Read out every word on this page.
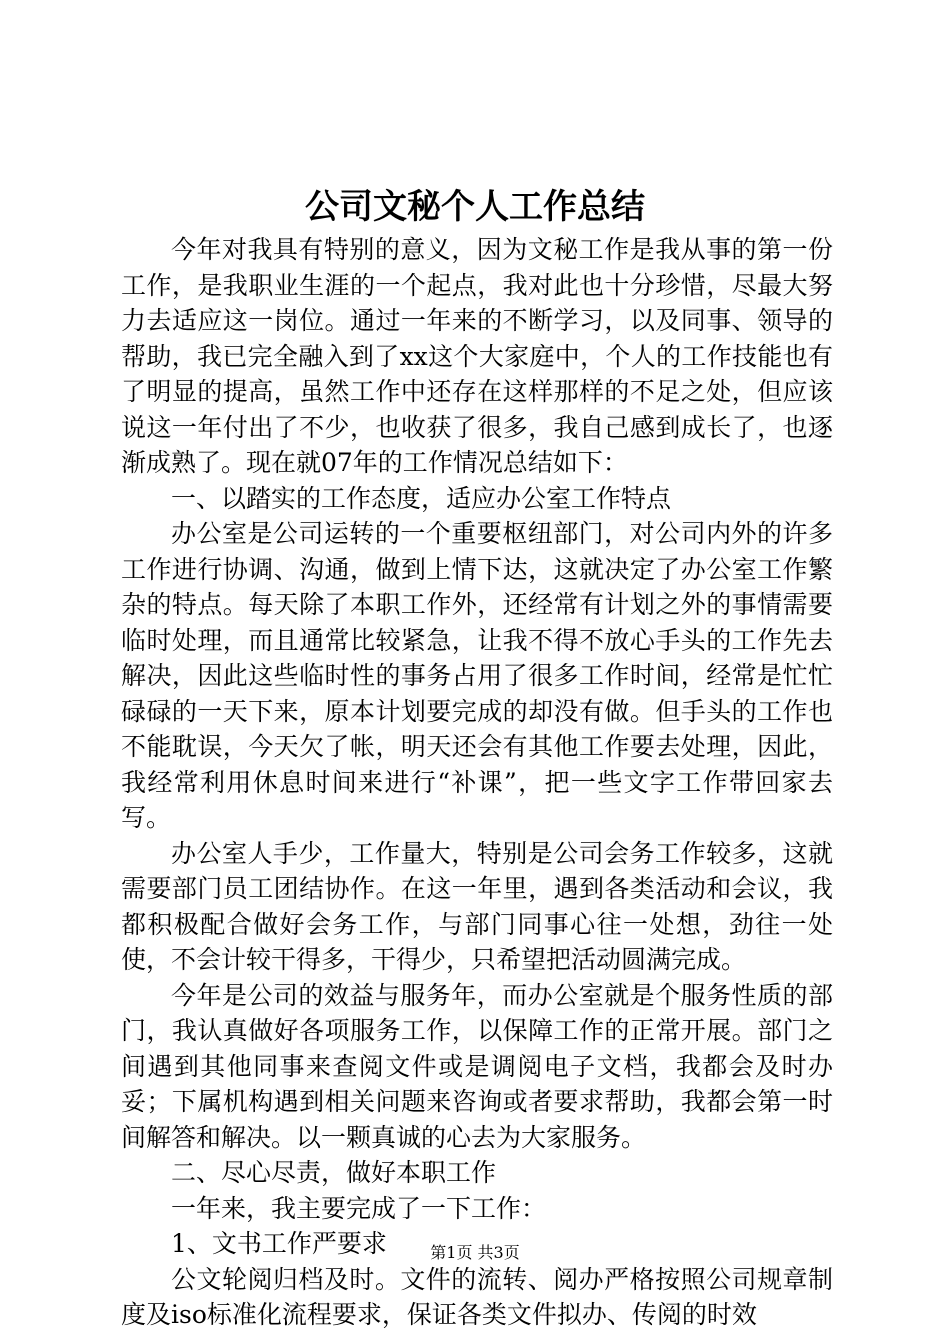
公司文秘个人工作总结

今年对我具有特别的意义，因为文秘工作是我从事的第一份工作，是我职业生涯的一个起点，我对此也十分珍惜，尽最大努力去适应这一岗位。通过一年来的不断学习，以及同事、领导的帮助，我已完全融入到了xx这个大家庭中，个人的工作技能也有了明显的提高，虽然工作中还存在这样那样的不足之处，但应该说这一年付出了不少，也收获了很多，我自己感到成长了，也逐渐成熟了。现在就07年的工作情况总结如下：

一、以踏实的工作态度，适应办公室工作特点

办公室是公司运转的一个重要枢纽部门，对公司内外的许多工作进行协调、沟通，做到上情下达，这就决定了办公室工作繁杂的特点。每天除了本职工作外，还经常有计划之外的事情需要临时处理，而且通常比较紧急，让我不得不放心手头的工作先去解决，因此这些临时性的事务占用了很多工作时间，经常是忙忙碌碌的一天下来，原本计划要完成的却没有做。但手头的工作也不能耽误，今天欠了帐，明天还会有其他工作要去处理，因此，我经常利用休息时间来进行“补课”，把一些文字工作带回家去写。

办公室人手少，工作量大，特别是公司会务工作较多，这就需要部门员工团结协作。在这一年里，遇到各类活动和会议，我都积极配合做好会务工作，与部门同事心往一处想，劲往一处使，不会计较干得多，干得少，只希望把活动圆满完成。

今年是公司的效益与服务年，而办公室就是个服务性质的部门，我认真做好各项服务工作，以保障工作的正常开展。部门之间遇到其他同事来查阅文件或是调阅电子文档，我都会及时办妥；下属机构遇到相关问题来咨询或者要求帮助，我都会第一时间解答和解决。以一颗真诚的心去为大家服务。

二、尽心尽责，做好本职工作

一年来，我主要完成了一下工作：

1、文书工作严要求

公文轮阅归档及时。文件的流转、阅办严格按照公司规章制度及iso标准化流程要求，保证各类文件拟办、传阅的时效

第1页 共3页
